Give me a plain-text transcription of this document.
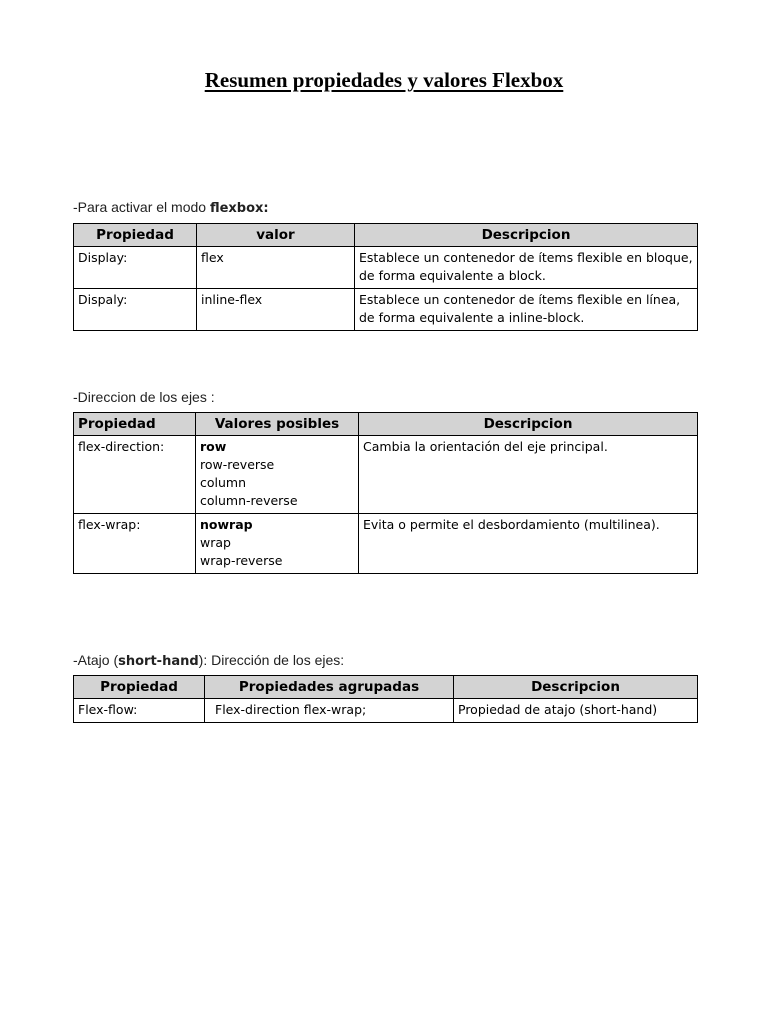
Resumen propiedades y valores Flexbox
-Para activar el modo flexbox:
Propiedad	valor	Descripcion
Display:	flex	Establece un contenedor de ítems flexible en bloque,
de forma equivalente a block.

Dispaly:	inline-flex	Establece un contenedor de ítems flexible en línea,
de forma equivalente a inline-block.
-Direccion de los ejes :
Propiedad	Valores posibles	Descripcion
flex-direction:	row
row-reverse
column
column-reverse	Cambia la orientación del eje principal.
flex-wrap:	nowrap
wrap
wrap-reverse	Evita o permite el desbordamiento (multilinea).
-Atajo (short-hand): Dirección de los ejes:
Propiedad	Propiedades agrupadas	Descripcion
Flex-flow:	Flex-direction flex-wrap;	Propiedad de atajo (short-hand)
